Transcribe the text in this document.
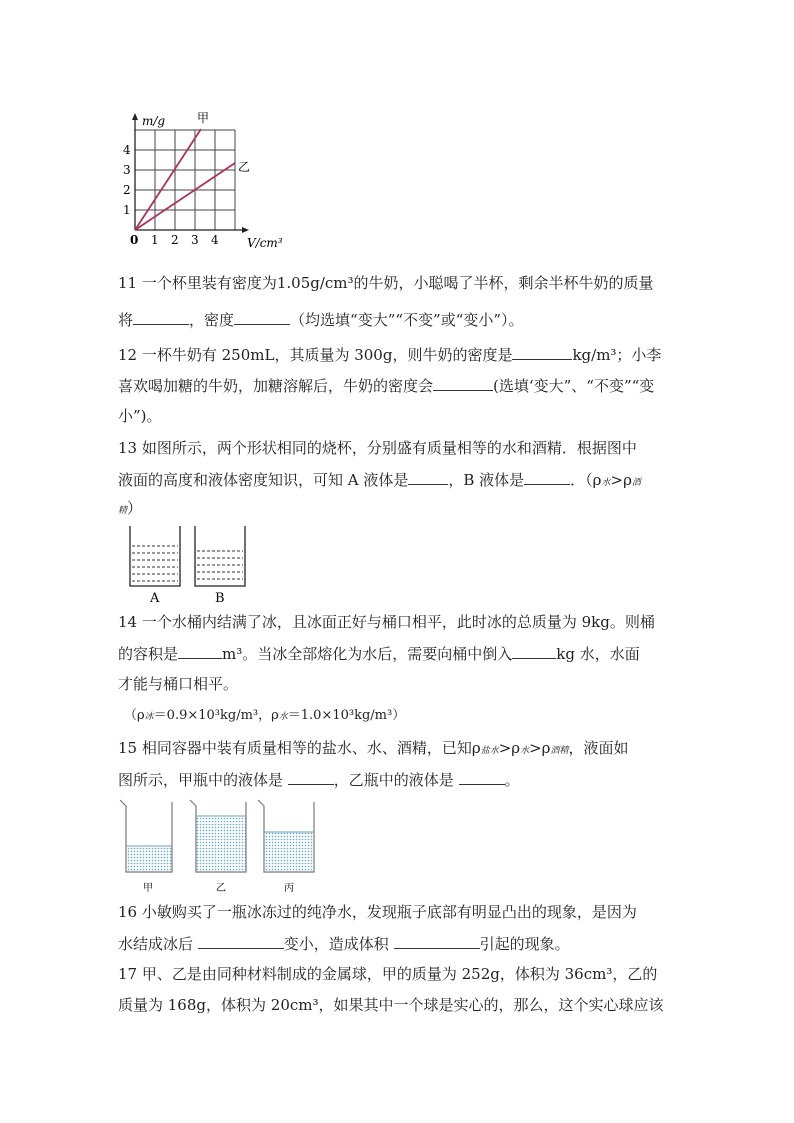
m/g	甲
乙
4
3
2
1
0 1 2 3 4 V/cm³
11 一个杯里装有密度为1.05g/cm³的牛奶，小聪喝了半杯，剩余半杯牛奶的质量
将	，密度	（均选填“变大”“不变”或“变小”）。
12 一杯牛奶有 250mL，其质量为 300g，则牛奶的密度是	kg/m³；小李
喜欢喝加糖的牛奶，加糖溶解后，牛奶的密度会	(选填‘变大”、“不变”“变
小”)。
13 如图所示，两个形状相同的烧杯，分别盛有质量相等的水和酒精．根据图中
液面的高度和液体密度知识，可知 A 液体是	，B 液体是	．（ρ水>ρ酒
精）
A	B
14 一个水桶内结满了冰，且冰面正好与桶口相平，此时冰的总质量为 9kg。则桶
的容积是	m³。当冰全部熔化为水后，需要向桶中倒入	kg 水，水面
才能与桶口相平。
（ρ冰＝0.9×10³kg/m³，ρ水＝1.0×10³kg/m³）
15 相同容器中装有质量相等的盐水、水、酒精，已知ρ盐水>ρ水>ρ酒精，液面如
图所示，甲瓶中的液体是	，乙瓶中的液体是	。
甲	乙	丙
16 小敏购买了一瓶冰冻过的纯净水，发现瓶子底部有明显凸出的现象，是因为
水结成冰后	变小，造成体积	引起的现象。
17 甲、乙是由同种材料制成的金属球，甲的质量为 252g，体积为 36cm³，乙的
质量为 168g，体积为 20cm³，如果其中一个球是实心的，那么，这个实心球应该
